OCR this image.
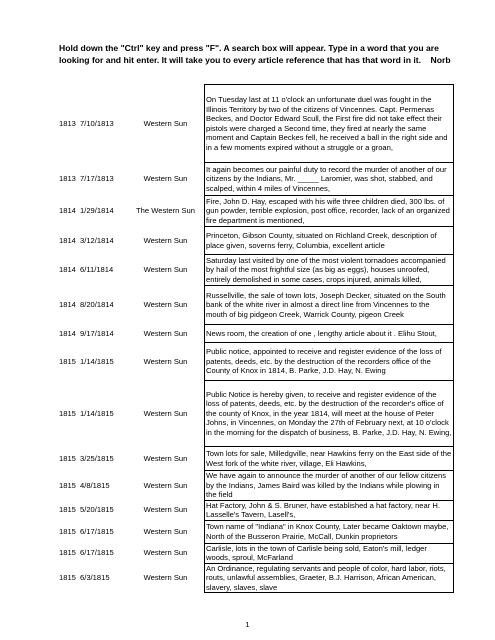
Hold down the "Ctrl" key and press "F". A search box will appear. Type in a word that you are looking for and hit enter. It will take you to every article reference that has that word in it. Norb
1813	7/10/1813	Western Sun	On Tuesday last at 11 o'clock an unfortunate duel was fought in the Illinois Territory by two of the citizens of Vincennes. Capt. Permenas Beckes, and Doctor Edward Scull, the First fire did not take effect their pistols were charged a Second time, they fired at nearly the same moment and Captain Beckes fell, he received a ball in the right side and in a few moments expired without a struggle or a groan,
1813	7/17/1813	Western Sun	It again becomes our painful duty to record the murder of another of our citizens by the Indians, Mr. _____ Laromier, was shot, stabbed, and scalped, within 4 miles of Vincennes,
1814	1/29/1814	The Western Sun	Fire, John D. Hay, escaped with his wife three children died, 300 lbs. of gun powder, terrible explosion, post office, recorder, lack of an organized fire department is mentioned,
1814	3/12/1814	Western Sun	Princeton, Gibson County, situated on Richland Creek, description of place given, soverns ferry, Columbia, excellent article
1814	6/11/1814	Western Sun	Saturday last visited by one of the most violent tornadoes accompanied by hail of the most frightful size (as big as eggs), houses unroofed, entirely demolished in some cases, crops injured, animals killed,
1814	8/20/1814	Western Sun	Russellville, the sale of town lots, Joseph Decker, situated on the South bank of the white river in almost a direct line from Vincennes to the mouth of big pidgeon Creek, Warrick County, pigeon Creek
1814	9/17/1814	Western Sun	News room, the creation of one , lengthy article about it . Elihu Stout,
1815	1/14/1815	Western Sun	Public notice, appointed to receive and register evidence of the loss of patents, deeds, etc. by the destruction of the recorders office of the County of Knox in 1814, B. Parke, J.D. Hay, N. Ewing
1815	1/14/1815	Western Sun	Public Notice is hereby given, to receive and register evidence of the loss of patents, deeds, etc. by the destruction of the recorder's office of the county of Knox, in the year 1814, will meet at the house of Peter Johns, in Vincennes, on Monday the 27th of February next, at 10 o'clock in the morning for the dispatch of business, B. Parke, J.D. Hay, N. Ewing,
1815	3/25/1815	Western Sun	Town lots for sale, Milledgville, near Hawkins ferry on the East side of the West fork of the white river, village, Eli Hawkins,
1815	4/8/1815	Western Sun	We have again to announce the murder of another of our fellow citizens by the Indians, James Baird was killed by the Indians while plowing in the field
1815	5/20/1815	Western Sun	Hat Factory, John & S. Bruner, have established a hat factory, near H. Lasselle's Tavern, Lasell's,
1815	6/17/1815	Western Sun	Town name of "Indiana" in Knox County, Later became Oaktown maybe, North of the Busseron Prairie, McCall, Dunkin proprietors
1815	6/17/1815	Western Sun	Carlisle, lots in the town of Carlisle being sold, Eaton's mill, ledger woods, sproul, McFarland
1815	6/3/1815	Western Sun	An Ordinance, regulating servants and people of color, hard labor, riots, routs, unlawful assemblies, Graeter, B.J. Harrison, African American, slavery, slaves, slave
1
